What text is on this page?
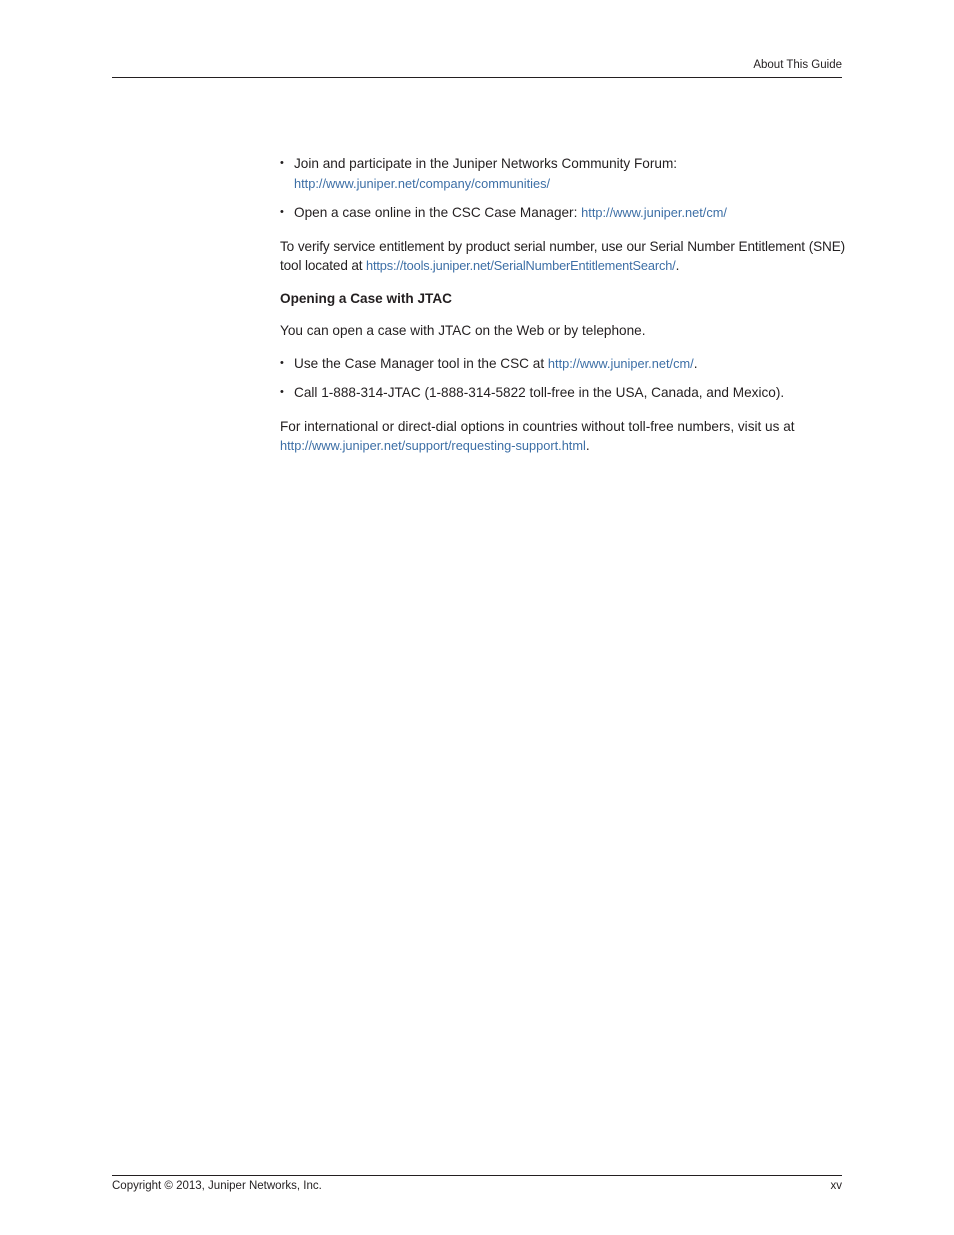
About This Guide
• Join and participate in the Juniper Networks Community Forum:
http://www.juniper.net/company/communities/
• Open a case online in the CSC Case Manager: http://www.juniper.net/cm/

To verify service entitlement by product serial number, use our Serial Number Entitlement (SNE) tool located at https://tools.juniper.net/SerialNumberEntitlementSearch/.

Opening a Case with JTAC

You can open a case with JTAC on the Web or by telephone.

• Use the Case Manager tool in the CSC at http://www.juniper.net/cm/.
• Call 1-888-314-JTAC (1-888-314-5822 toll-free in the USA, Canada, and Mexico).

For international or direct-dial options in countries without toll-free numbers, visit us at http://www.juniper.net/support/requesting-support.html.

Copyright © 2013, Juniper Networks, Inc.	xv
